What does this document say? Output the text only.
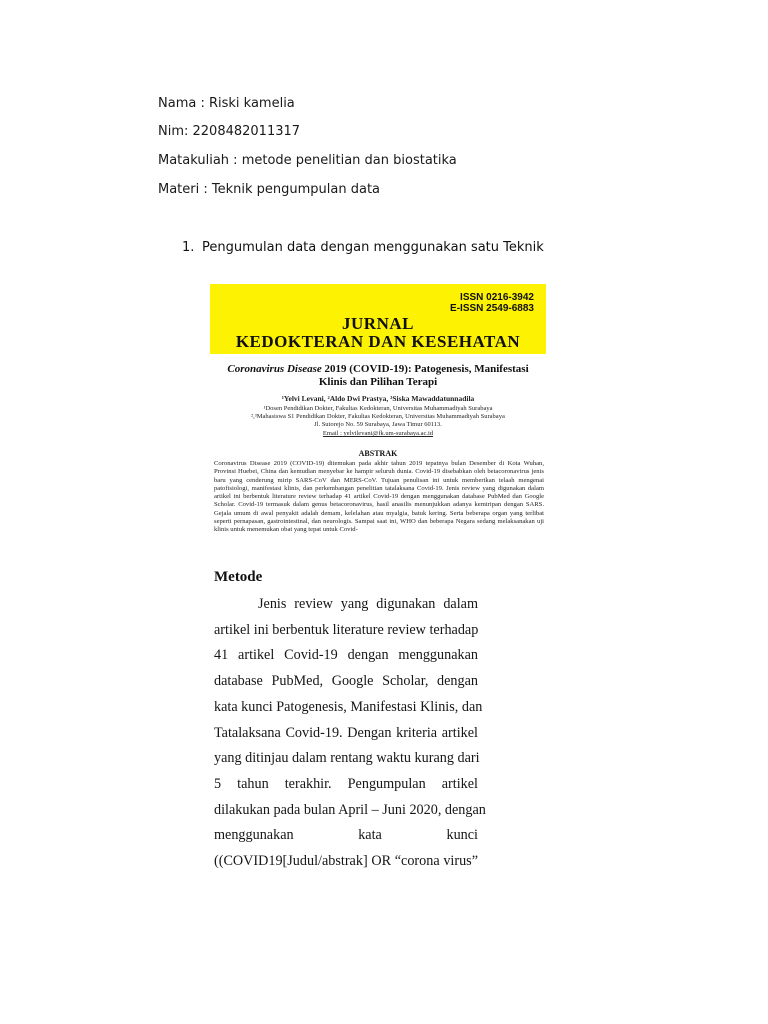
Nama : Riski kamelia
Nim: 2208482011317
Matakuliah : metode penelitian dan biostatika
Materi : Teknik pengumpulan data
1. Pengumulan data dengan menggunakan satu Teknik
ISSN 0216-3942
E-ISSN 2549-6883
JURNAL
KEDOKTERAN DAN KESEHATAN
Coronavirus Disease 2019 (COVID-19): Patogenesis, Manifestasi
Klinis dan Pilihan Terapi
¹Yelvi Levani, ²Aldo Dwi Prastya, ³Siska Mawaddatunnadila
¹Dosen Pendidikan Dokter, Fakultas Kedokteran, Universitas Muhammadiyah Surabaya
²,³Mahasiswa S1 Pendidikan Dokter, Fakultas Kedokteran, Universitas Muhammadiyah Surabaya
Jl. Sutorejo No. 59 Surabaya, Jawa Timur 60113.
Email : yelvilevani@fk.um-surabaya.ac.id
ABSTRAK
Coronavirus Disease 2019 (COVID-19) ditemukan pada akhir tahun 2019 tepatnya bulan Desember di Kota Wuhan, Provinsi Huebei, China dan kemudian menyebar ke hampir seluruh dunia. Covid-19 disebabkan oleh betacoronavirus jenis baru yang cenderung mirip SARS-CoV dan MERS-CoV. Tujuan penulisan ini untuk memberikan telaah mengenai patofisiologi, manifestasi klinis, dan perkembangan penelitian tatalaksana Covid-19. Jenis review yang digunakan dalam artikel ini berbentuk literature review terhadap 41 artikel Covid-19 dengan menggunakan database PubMed dan Google Scholar. Covid-19 termasuk dalam genus betacoronavirus, hasil anasilis menunjukkan adanya kemiripan dengan SARS. Gejala umum di awal penyakit adalah demam, kelelahan atau myalgia, batuk kering. Serta beberapa organ yang terlibat seperti pernapasan, gastrointestinal, dan neurologis. Sampai saat ini, WHO dan beberapa Negara sedang melaksanakan uji klinis untuk menemukan obat yang tepat untuk Covid-
Metode
Jenis review yang digunakan dalam
artikel ini berbentuk literature review terhadap
41 artikel Covid-19 dengan menggunakan
database PubMed, Google Scholar, dengan
kata kunci Patogenesis, Manifestasi Klinis, dan
Tatalaksana Covid-19. Dengan kriteria artikel
yang ditinjau dalam rentang waktu kurang dari
5 tahun terakhir. Pengumpulan artikel
dilakukan pada bulan April – Juni 2020, dengan
menggunakan kata kunci
((COVID19[Judul/abstrak] OR “corona virus”
